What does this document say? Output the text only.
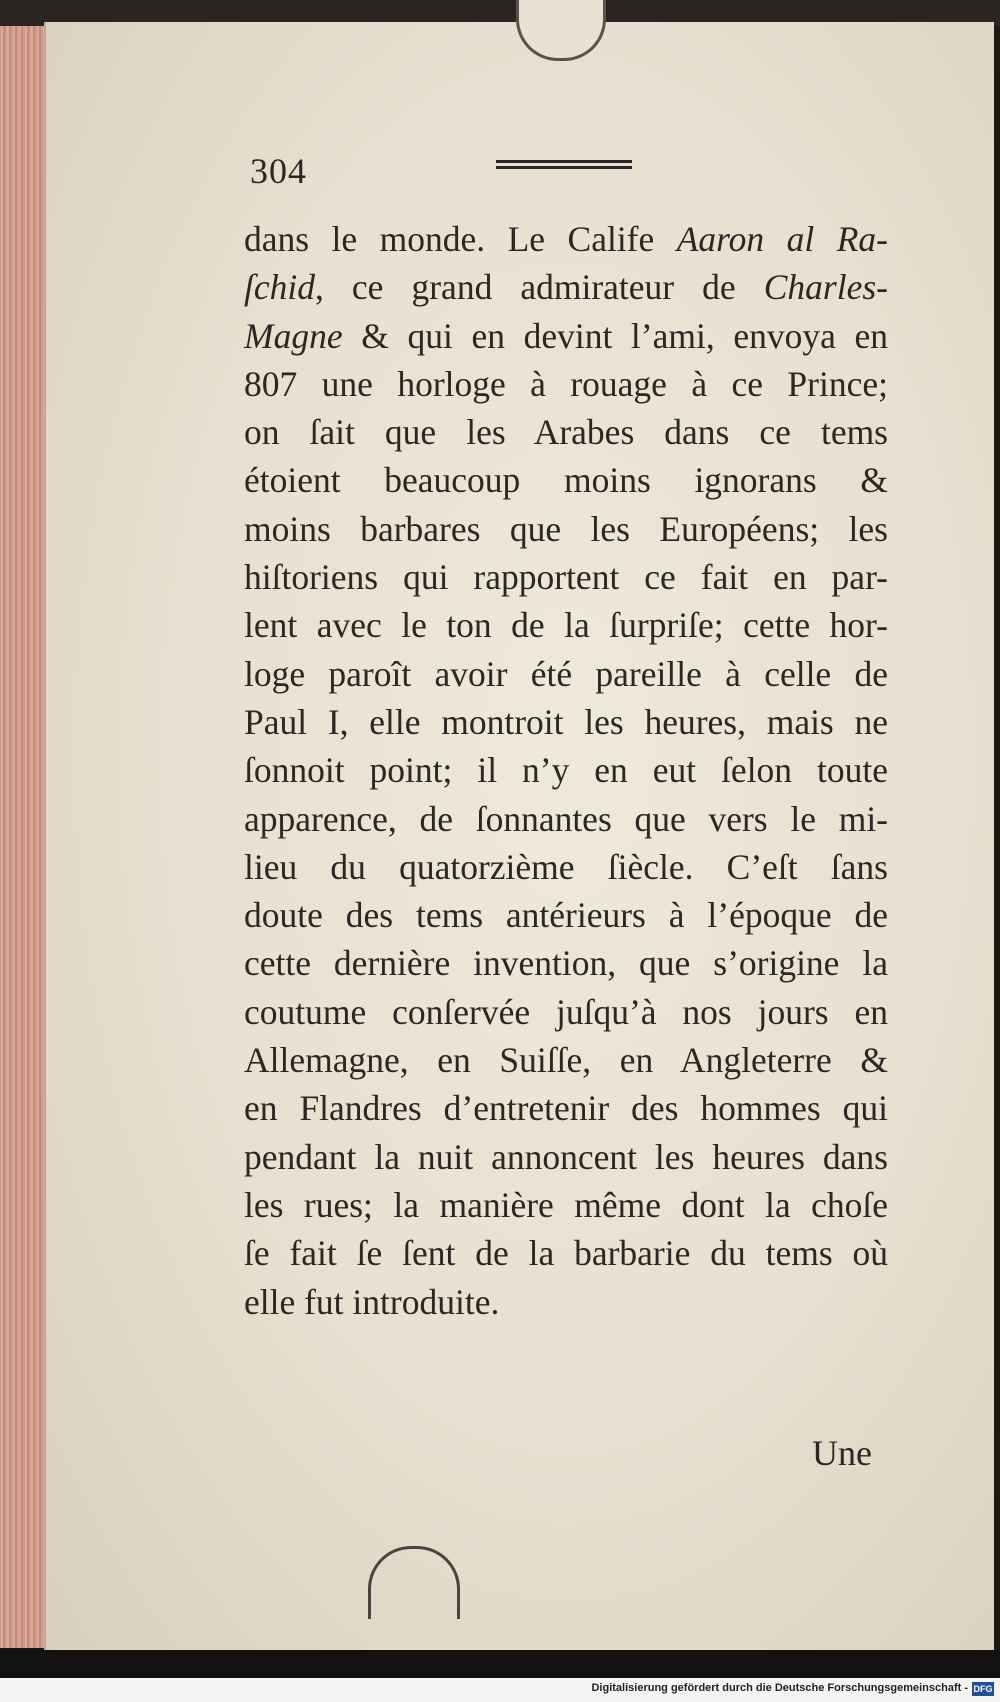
304
dans le monde. Le Calife Aaron al Ra-
ſchid, ce grand admirateur de Charles-
Magne & qui en devint l’ami, envoya en
807 une horloge à rouage à ce Prince;
on ſait que les Arabes dans ce tems
étoient beaucoup moins ignorans &
moins barbares que les Européens; les
hiſtoriens qui rapportent ce fait en par-
lent avec le ton de la ſurpriſe; cette hor-
loge paroît avoir été pareille à celle de
Paul I, elle montroit les heures, mais ne
ſonnoit point; il n’y en eut ſelon toute
apparence, de ſonnantes que vers le mi-
lieu du quatorzième ſiècle. C’eſt ſans
doute des tems antérieurs à l’époque de
cette dernière invention, que s’origine la
coutume conſervée juſqu’à nos jours en
Allemagne, en Suiſſe, en Angleterre &
en Flandres d’entretenir des hommes qui
pendant la nuit annoncent les heures dans
les rues; la manière même dont la choſe
ſe fait ſe ſent de la barbarie du tems où
elle fut introduite.
Une
Digitalisierung gefördert durch die Deutsche Forschungsgemeinschaft - DFG
